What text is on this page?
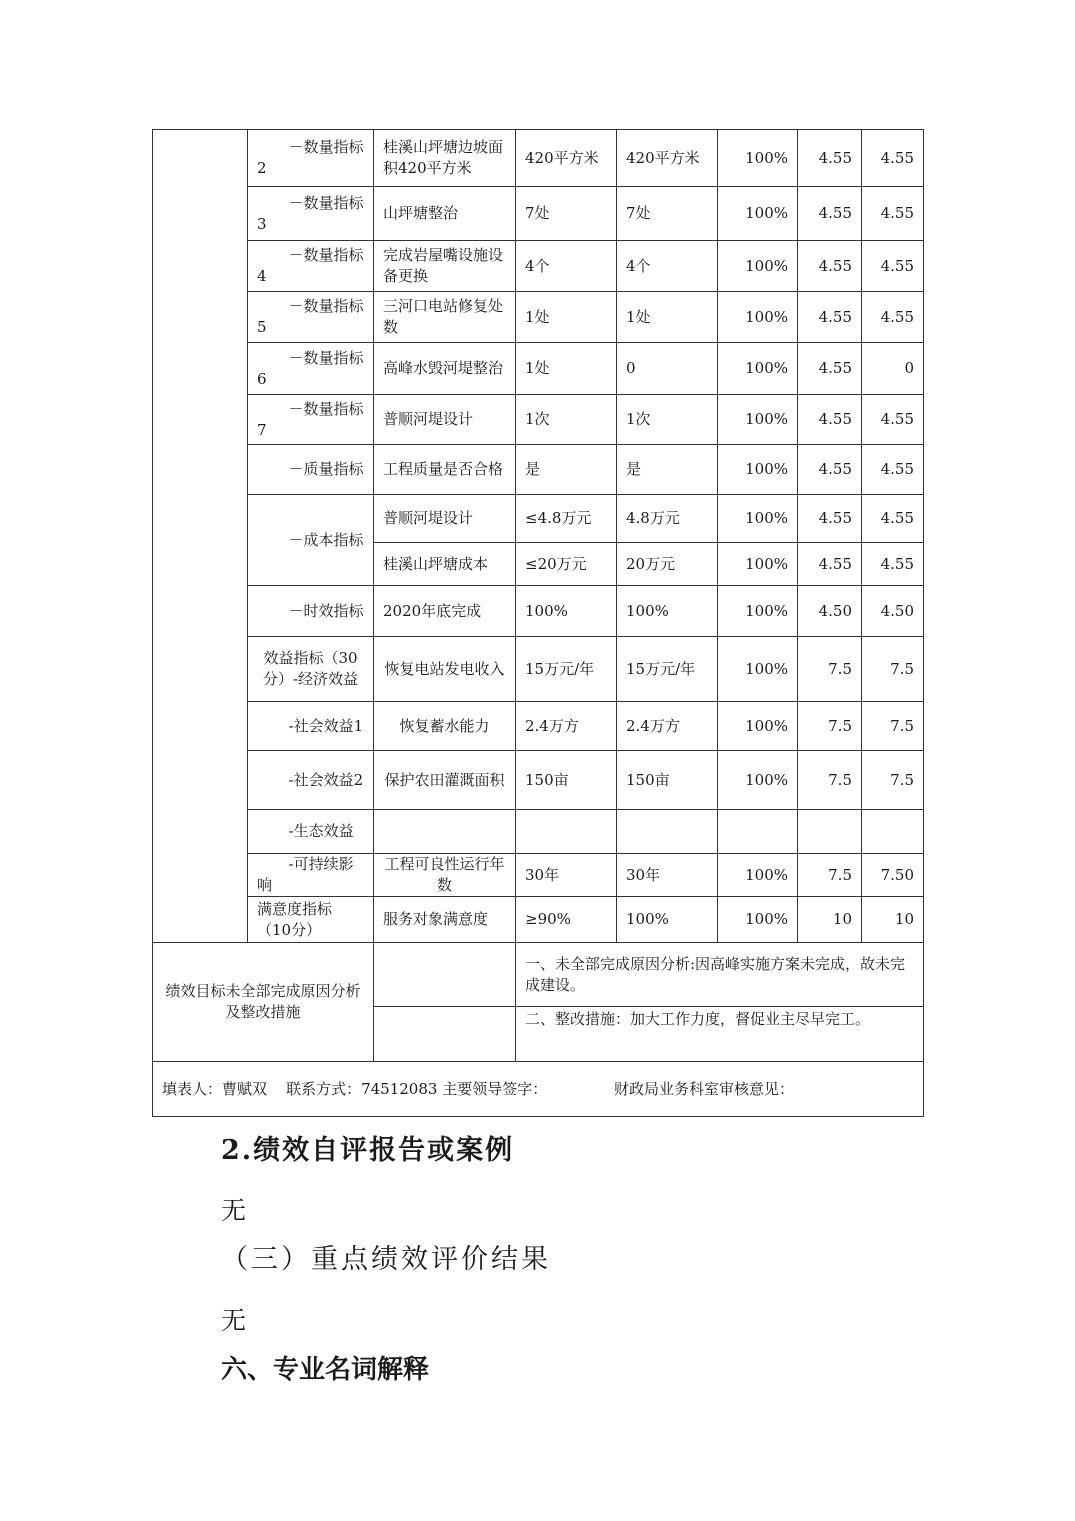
	－数量指标2	桂溪山坪塘边坡面积420平方米	420平方米	420平方米	100%	4.55	4.55
	－数量指标3	山坪塘整治	7处	7处	100%	4.55	4.55
	－数量指标4	完成岩屋嘴设施设备更换	4个	4个	100%	4.55	4.55
	－数量指标5	三河口电站修复处数	1处	1处	100%	4.55	4.55
	－数量指标6	高峰水毁河堤整治	1处	0	100%	4.55	0
	－数量指标7	普顺河堤设计	1次	1次	100%	4.55	4.55
	－质量指标	工程质量是否合格	是	是	100%	4.55	4.55
	－成本指标	普顺河堤设计	≤4.8万元	4.8万元	100%	4.55	4.55
		桂溪山坪塘成本	≤20万元	20万元	100%	4.55	4.55
	－时效指标	2020年底完成	100%	100%	100%	4.50	4.50
	效益指标（30分）-经济效益	恢复电站发电收入	15万元/年	15万元/年	100%	7.5	7.5
	-社会效益1	恢复蓄水能力	2.4万方	2.4万方	100%	7.5	7.5
	-社会效益2	保护农田灌溉面积	150亩	150亩	100%	7.5	7.5
	-生态效益						
	-可持续影响	工程可良性运行年数	30年	30年	100%	7.5	7.50
	满意度指标（10分）	服务对象满意度	≥90%	100%	100%	10	10
绩效目标未全部完成原因分析及整改措施			一、未全部完成原因分析:因高峰实施方案未完成，故未完成建设。				
			二、整改措施：加大工作力度，督促业主尽早完工。				
填表人：曹赋双    联系方式：74512083 主要领导签字：              财政局业务科室审核意见：							
2.绩效自评报告或案例

无

（三）重点绩效评价结果

无

六、专业名词解释
